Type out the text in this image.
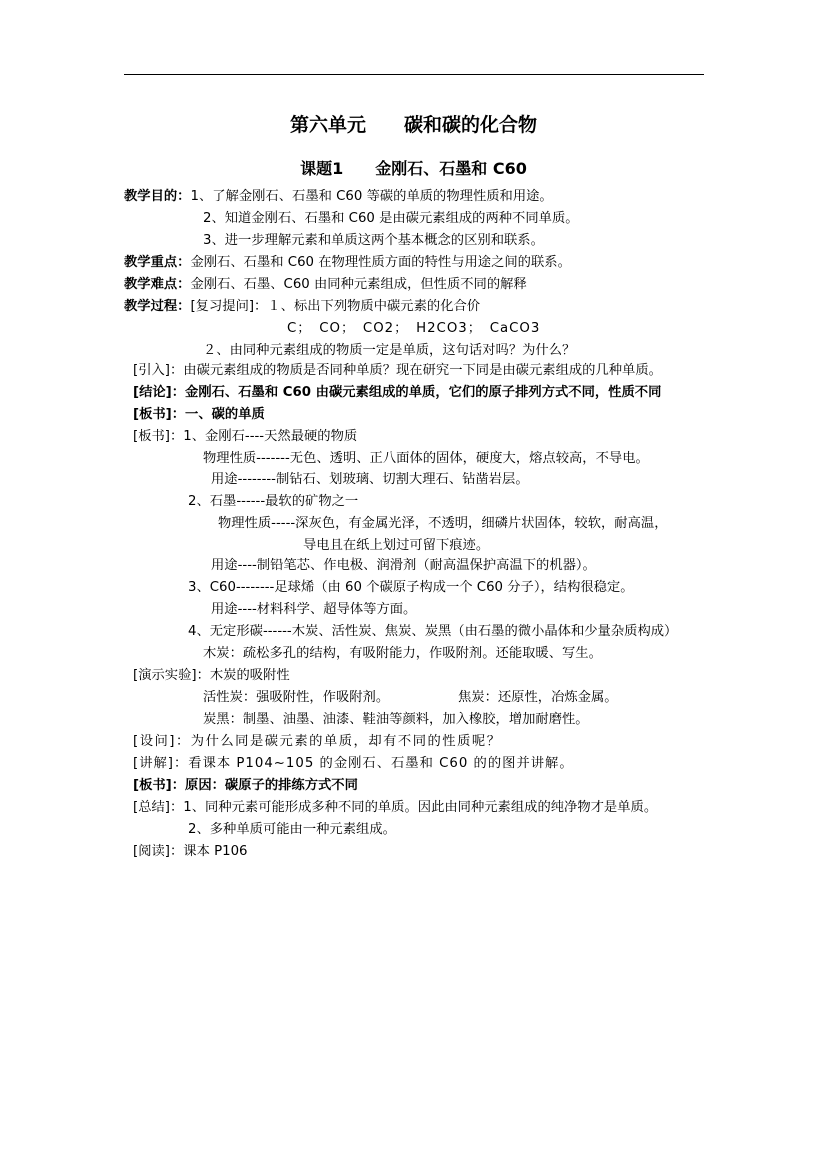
第六单元　　碳和碳的化合物
课题1　　金刚石、石墨和 C60
教学目的：1、了解金刚石、石墨和 C60 等碳的单质的物理性质和用途。
2、知道金刚石、石墨和 C60 是由碳元素组成的两种不同单质。
3、进一步理解元素和单质这两个基本概念的区别和联系。
教学重点：金刚石、石墨和 C60 在物理性质方面的特性与用途之间的联系。
教学难点：金刚石、石墨、C60 由同种元素组成，但性质不同的解释
教学过程：[复习提问]：１、标出下列物质中碳元素的化合价
C；　CO；　CO2；　H2CO3；　CaCO3
２、由同种元素组成的物质一定是单质，这句话对吗？为什么？
[引入]：由碳元素组成的物质是否同种单质？现在研究一下同是由碳元素组成的几种单质。
[结论]：金刚石、石墨和 C60 由碳元素组成的单质，它们的原子排列方式不同，性质不同
[板书]：一、碳的单质
[板书]：1、金刚石----天然最硬的物质
物理性质-------无色、透明、正八面体的固体，硬度大，熔点较高，不导电。
用途--------制钻石、划玻璃、切割大理石、钻凿岩层。
2、石墨------最软的矿物之一
物理性质-----深灰色，有金属光泽，不透明，细磷片状固体，较软，耐高温，
导电且在纸上划过可留下痕迹。
用途----制铅笔芯、作电极、润滑剂（耐高温保护高温下的机器）。
3、C60--------足球烯（由 60 个碳原子构成一个 C60 分子），结构很稳定。
用途----材料科学、超导体等方面。
4、无定形碳------木炭、活性炭、焦炭、炭黑（由石墨的微小晶体和少量杂质构成）
木炭：疏松多孔的结构，有吸附能力，作吸附剂。还能取暖、写生。
[演示实验]：木炭的吸附性
活性炭：强吸附性，作吸附剂。	焦炭：还原性，冶炼金属。
炭黑：制墨、油墨、油漆、鞋油等颜料，加入橡胶，增加耐磨性。
[设问]：为什么同是碳元素的单质，却有不同的性质呢？
[讲解]：看课本 P104~105 的金刚石、石墨和 C60 的的图并讲解。
[板书]：原因：碳原子的排练方式不同
[总结]：1、同种元素可能形成多种不同的单质。因此由同种元素组成的纯净物才是单质。
2、多种单质可能由一种元素组成。
[阅读]：课本 P106
